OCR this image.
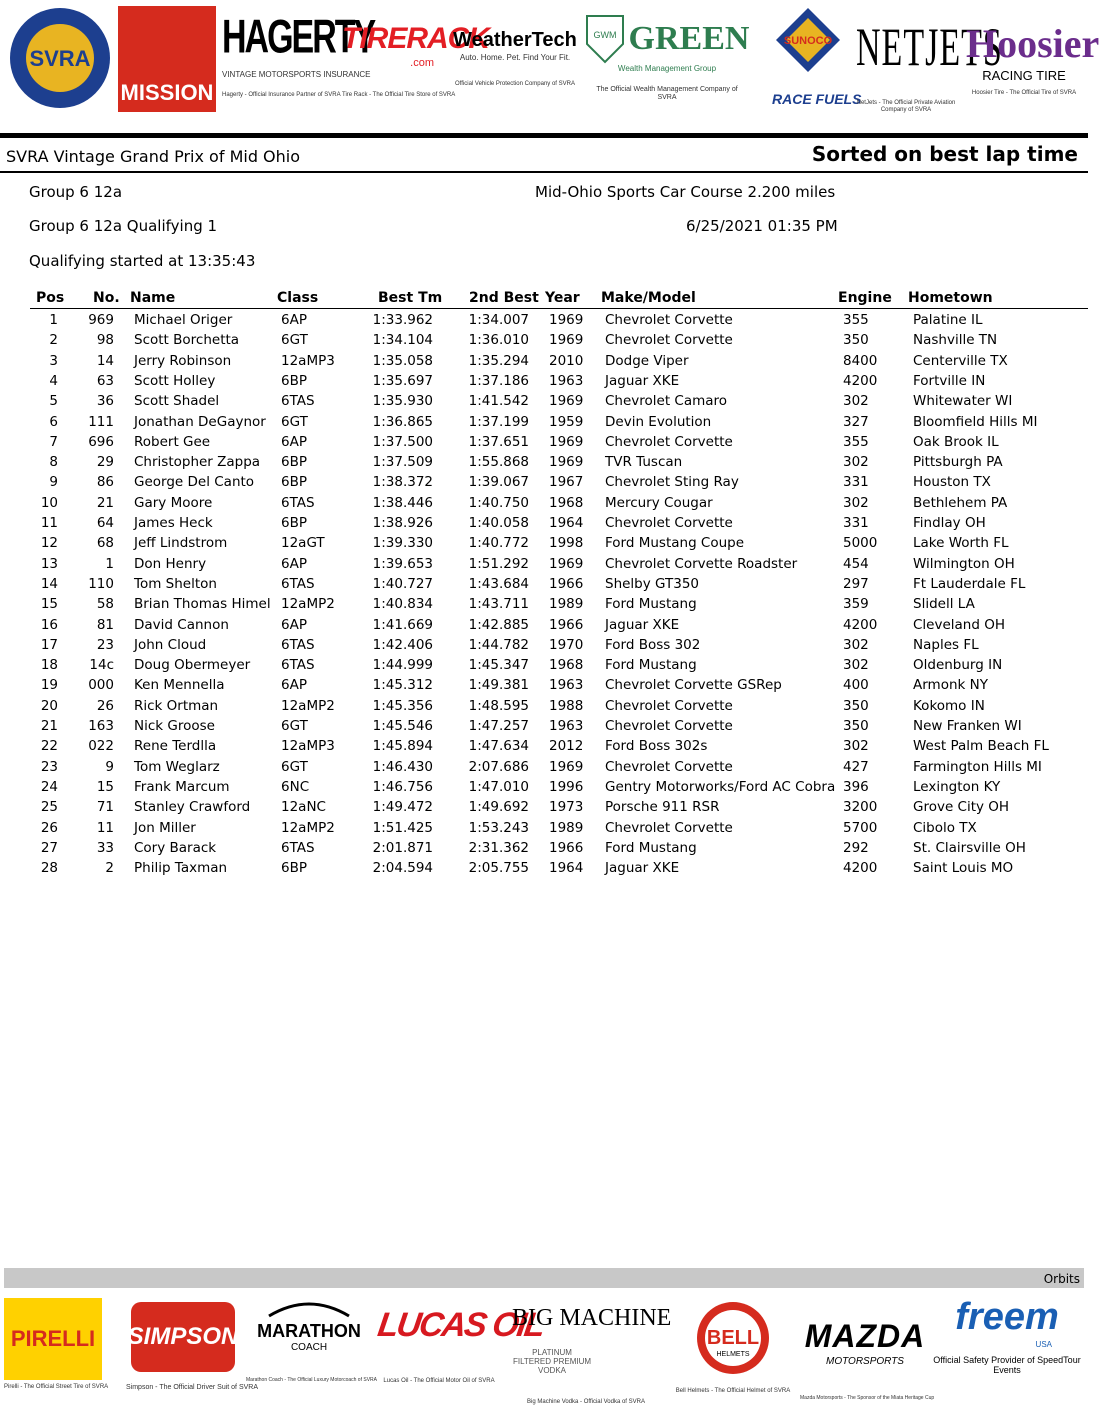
SVRA
MISSION
HAGERTY
VINTAGE MOTORSPORTS INSURANCE
Hagerty - Official Insurance Partner of SVRA
TIRERACK
.com
Tire Rack - The Official Tire Store of SVRA
WeatherTech
Auto. Home. Pet. Find Your Fit.
Official Vehicle Protection Company of SVRA
GWM GREEN
Wealth Management Group
The Official Wealth Management Company of SVRA
SUNOCO
RACE FUELS
NETJETS
NetJets - The Official Private Aviation Company of SVRA
Hoosier
RACING TIRE
Hoosier Tire - The Official Tire of SVRA
SVRA Vintage Grand Prix of Mid Ohio	Sorted on best lap time
Group 6 12a	Mid-Ohio Sports Car Course 2.200 miles
Group 6 12a Qualifying 1	6/25/2021 01:35 PM
Qualifying started at 13:35:43
Pos No. Name	Class	Best Tm 2nd Best Year Make/Model	Engine Hometown
1	969 Michael Origer	6AP	1:33.962	1:34.007 1969	Chevrolet Corvette	355	Palatine IL
2	98 Scott Borchetta	6GT	1:34.104	1:36.010 1969	Chevrolet Corvette	350	Nashville TN
3	14 Jerry Robinson	12aMP3	1:35.058	1:35.294 2010	Dodge Viper	8400	Centerville TX
4	63 Scott Holley	6BP	1:35.697	1:37.186 1963	Jaguar XKE	4200	Fortville IN
5	36 Scott Shadel	6TAS	1:35.930	1:41.542 1969	Chevrolet Camaro	302	Whitewater WI
6	111 Jonathan DeGaynor 6GT	1:36.865	1:37.199 1959	Devin Evolution	327	Bloomfield Hills MI
7	696 Robert Gee	6AP	1:37.500	1:37.651 1969	Chevrolet Corvette	355	Oak Brook IL
8	29 Christopher Zappa	6BP	1:37.509	1:55.868 1969	TVR Tuscan	302	Pittsburgh PA
9	86 George Del Canto	6BP	1:38.372	1:39.067 1967	Chevrolet Sting Ray	331	Houston TX
10	21 Gary Moore	6TAS	1:38.446	1:40.750 1968	Mercury Cougar	302	Bethlehem PA
11	64 James Heck	6BP	1:38.926	1:40.058 1964	Chevrolet Corvette	331	Findlay OH
12	68 Jeff Lindstrom	12aGT	1:39.330	1:40.772 1998	Ford Mustang Coupe	5000	Lake Worth FL
13	1 Don Henry	6AP	1:39.653	1:51.292 1969	Chevrolet Corvette Roadster	454	Wilmington OH
14	110 Tom Shelton	6TAS	1:40.727	1:43.684 1966	Shelby GT350	297	Ft Lauderdale FL
15	58 Brian Thomas Himel 12aMP2	1:40.834	1:43.711 1989	Ford Mustang	359	Slidell LA
16	81 David Cannon	6AP	1:41.669	1:42.885 1966	Jaguar XKE	4200	Cleveland OH
17	23 John Cloud	6TAS	1:42.406	1:44.782 1970	Ford Boss 302	302	Naples FL
18	14c Doug Obermeyer	6TAS	1:44.999	1:45.347 1968	Ford Mustang	302	Oldenburg IN
19	000 Ken Mennella	6AP	1:45.312	1:49.381 1963	Chevrolet Corvette GSRep	400	Armonk NY
20	26 Rick Ortman	12aMP2	1:45.356	1:48.595 1988	Chevrolet Corvette	350	Kokomo IN
21	163 Nick Groose	6GT	1:45.546	1:47.257 1963	Chevrolet Corvette	350	New Franken WI
22	022 Rene Terdlla	12aMP3	1:45.894	1:47.634 2012	Ford Boss 302s	302	West Palm Beach FL
23	9 Tom Weglarz	6GT	1:46.430	2:07.686 1969	Chevrolet Corvette	427	Farmington Hills MI
24	15 Frank Marcum	6NC	1:46.756	1:47.010 1996	Gentry Motorworks/Ford AC Cobra 396	Lexington KY
25	71 Stanley Crawford	12aNC	1:49.472	1:49.692 1973	Porsche 911 RSR	3200	Grove City OH
26	11 Jon Miller	12aMP2	1:51.425	1:53.243 1989	Chevrolet Corvette	5700	Cibolo TX
27	33 Cory Barack	6TAS	2:01.871	2:31.362 1966	Ford Mustang	292	St. Clairsville OH
28	2 Philip Taxman	6BP	2:04.594	2:05.755 1964	Jaguar XKE	4200	Saint Louis MO
Orbits
PIRELLI
Pirelli - The Official Street Tire of SVRA
SIMPSON
Simpson - The Official Driver Suit of SVRA
MARATHON
COACH
Marathon Coach - The Official Luxury Motorcoach of SVRA
LUCAS OIL
Lucas Oil - The Official Motor Oil of SVRA
BIG MACHINE
PLATINUM FILTERED PREMIUM VODKA
Big Machine Vodka - Official Vodka of SVRA
BELL
HELMETS
Bell Helmets - The Official Helmet of SVRA
MAZDA
MOTORSPORTS
Mazda Motorsports - The Sponsor of the Miata Heritage Cup
freem
USA
Official Safety Provider of SpeedTour Events
